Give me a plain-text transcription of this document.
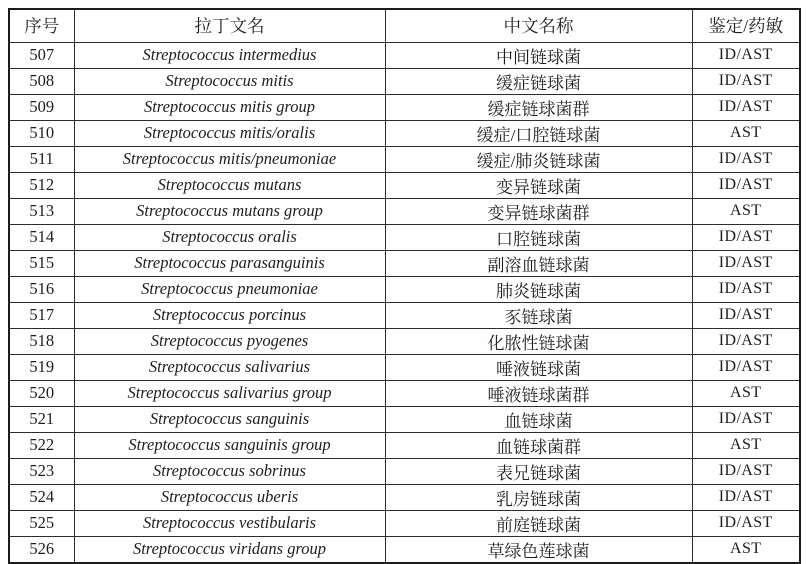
序号	拉丁文名	中文名称	鉴定/药敏
507	Streptococcus intermedius	中间链球菌	ID/AST
508	Streptococcus mitis	缓症链球菌	ID/AST
509	Streptococcus mitis group	缓症链球菌群	ID/AST
510	Streptococcus mitis/oralis	缓症/口腔链球菌	AST
511	Streptococcus mitis/pneumoniae	缓症/肺炎链球菌	ID/AST
512	Streptococcus mutans	变异链球菌	ID/AST
513	Streptococcus mutans group	变异链球菌群	AST
514	Streptococcus oralis	口腔链球菌	ID/AST
515	Streptococcus parasanguinis	副溶血链球菌	ID/AST
516	Streptococcus pneumoniae	肺炎链球菌	ID/AST
517	Streptococcus porcinus	豕链球菌	ID/AST
518	Streptococcus pyogenes	化脓性链球菌	ID/AST
519	Streptococcus salivarius	唾液链球菌	ID/AST
520	Streptococcus salivarius group	唾液链球菌群	AST
521	Streptococcus sanguinis	血链球菌	ID/AST
522	Streptococcus sanguinis group	血链球菌群	AST
523	Streptococcus sobrinus	表兄链球菌	ID/AST
524	Streptococcus uberis	乳房链球菌	ID/AST
525	Streptococcus vestibularis	前庭链球菌	ID/AST
526	Streptococcus viridans group	草绿色莲球菌	AST
